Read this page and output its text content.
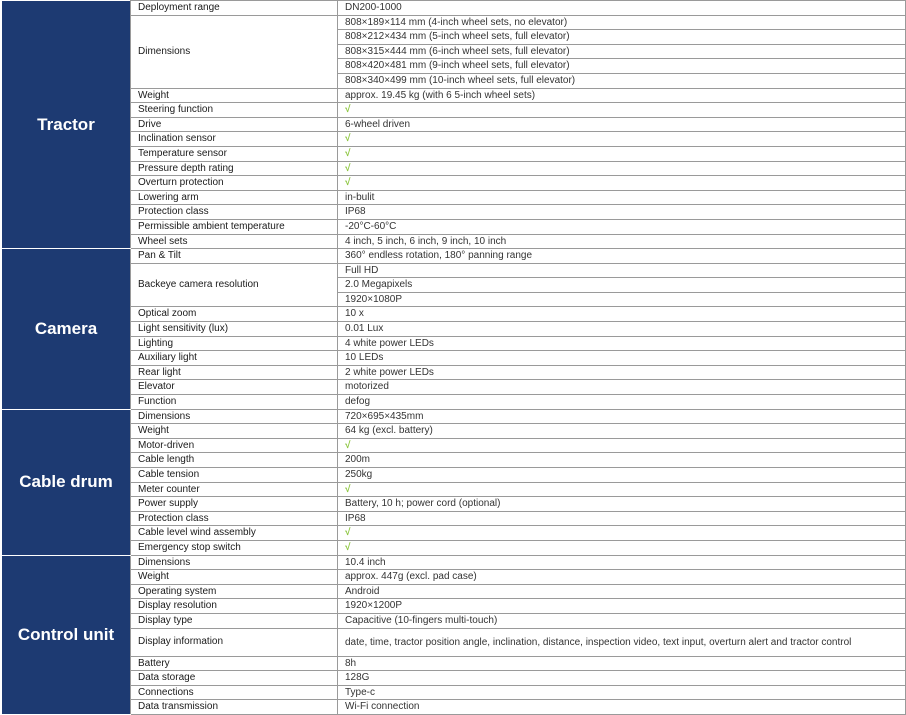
Tractor	Deployment range	DN200-1000
	Dimensions	808×189×114 mm (4-inch wheel sets, no elevator)
		808×212×434 mm (5-inch wheel sets, full elevator)
		808×315×444 mm (6-inch wheel sets, full elevator)
		808×420×481 mm (9-inch wheel sets, full elevator)
		808×340×499 mm (10-inch wheel sets, full elevator)
	Weight	approx. 19.45 kg (with 6 5-inch wheel sets)
	Steering function	√
	Drive	6-wheel driven
	Inclination sensor	√
	Temperature sensor	√
	Pressure depth rating	√
	Overturn protection	√
	Lowering arm	in-bulit
	Protection class	IP68
	Permissible ambient temperature	-20°C-60°C
	Wheel sets	4 inch, 5 inch, 6 inch, 9 inch, 10 inch
Camera	Pan & Tilt	360° endless rotation, 180° panning range
	Backeye camera resolution	Full HD
		2.0 Megapixels
		1920×1080P
	Optical zoom	10 x
	Light sensitivity (lux)	0.01 Lux
	Lighting	4 white power LEDs
	Auxiliary light	10 LEDs
	Rear light	2 white power LEDs
	Elevator	motorized
	Function	defog
Cable drum	Dimensions	720×695×435mm
	Weight	64 kg (excl. battery)
	Motor-driven	√
	Cable length	200m
	Cable tension	250kg
	Meter counter	√
	Power supply	Battery, 10 h; power cord (optional)
	Protection class	IP68
	Cable level wind assembly	√
	Emergency stop switch	√
Control unit	Dimensions	10.4 inch
	Weight	approx. 447g (excl. pad case)
	Operating system	Android
	Display resolution	1920×1200P
	Display type	Capacitive (10-fingers multi-touch)
	Display information	date, time, tractor position angle, inclination, distance, inspection video, text input, overturn alert and tractor control
	Battery	8h
	Data storage	128G
	Connections	Type-c
	Data transmission	Wi-Fi connection
